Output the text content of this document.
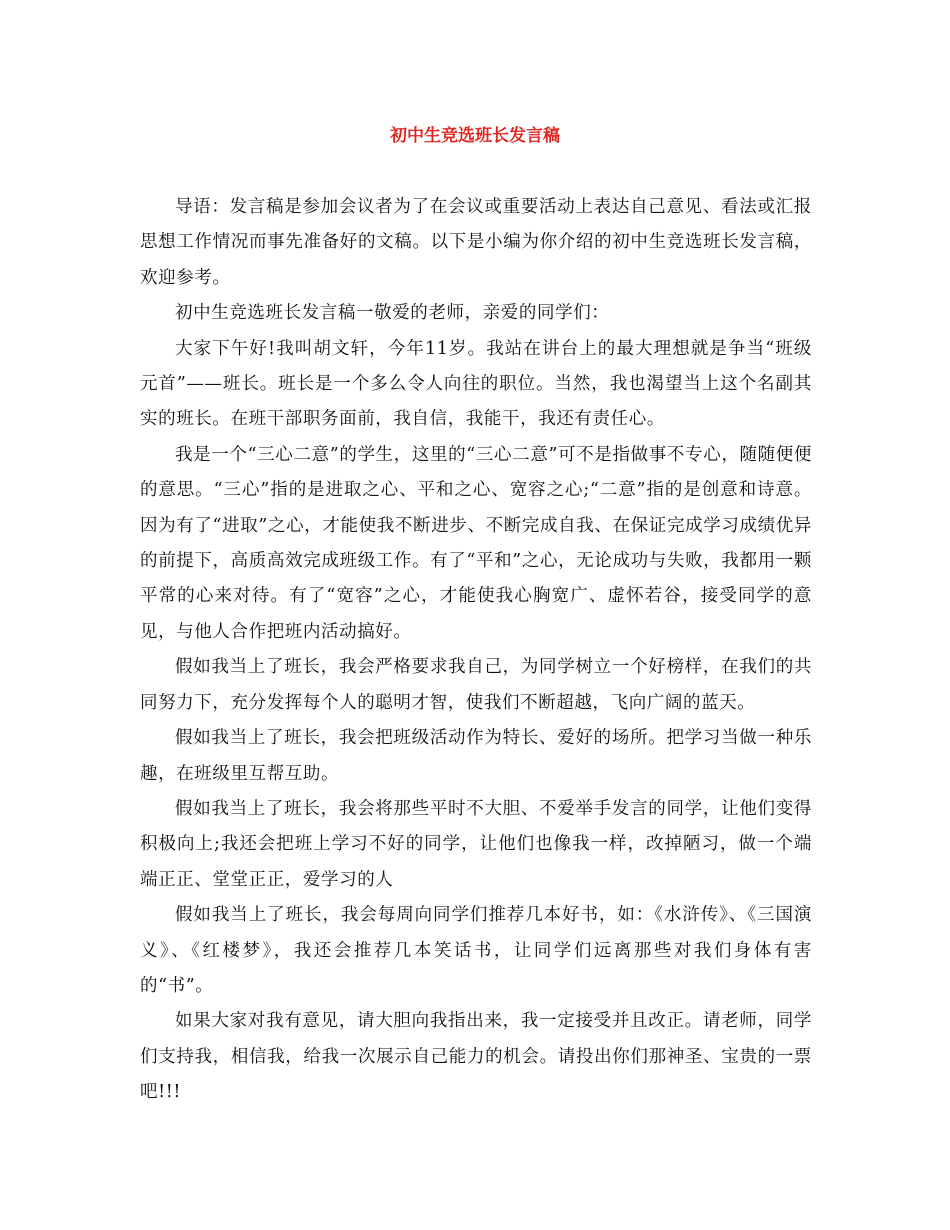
初中生竞选班长发言稿

导语：发言稿是参加会议者为了在会议或重要活动上表达自己意见、看法或汇报思想工作情况而事先准备好的文稿。以下是小编为你介绍的初中生竞选班长发言稿，欢迎参考。

初中生竞选班长发言稿一敬爱的老师，亲爱的同学们：

大家下午好!我叫胡文轩，今年11岁。我站在讲台上的最大理想就是争当“班级元首”——班长。班长是一个多么令人向往的职位。当然，我也渴望当上这个名副其实的班长。在班干部职务面前，我自信，我能干，我还有责任心。

我是一个“三心二意”的学生，这里的“三心二意”可不是指做事不专心，随随便便的意思。“三心”指的是进取之心、平和之心、宽容之心;“二意”指的是创意和诗意。因为有了“进取”之心，才能使我不断进步、不断完成自我、在保证完成学习成绩优异的前提下，高质高效完成班级工作。有了“平和”之心，无论成功与失败，我都用一颗平常的心来对待。有了“宽容”之心，才能使我心胸宽广、虚怀若谷，接受同学的意见，与他人合作把班内活动搞好。

假如我当上了班长，我会严格要求我自己，为同学树立一个好榜样，在我们的共同努力下，充分发挥每个人的聪明才智，使我们不断超越，飞向广阔的蓝天。

假如我当上了班长，我会把班级活动作为特长、爱好的场所。把学习当做一种乐趣，在班级里互帮互助。

假如我当上了班长，我会将那些平时不大胆、不爱举手发言的同学，让他们变得积极向上;我还会把班上学习不好的同学，让他们也像我一样，改掉陋习，做一个端端正正、堂堂正正，爱学习的人

假如我当上了班长，我会每周向同学们推荐几本好书，如：《水浒传》、《三国演义》、《红楼梦》，我还会推荐几本笑话书，让同学们远离那些对我们身体有害的“书”。

如果大家对我有意见，请大胆向我指出来，我一定接受并且改正。请老师，同学们支持我，相信我，给我一次展示自己能力的机会。请投出你们那神圣、宝贵的一票吧!!!
